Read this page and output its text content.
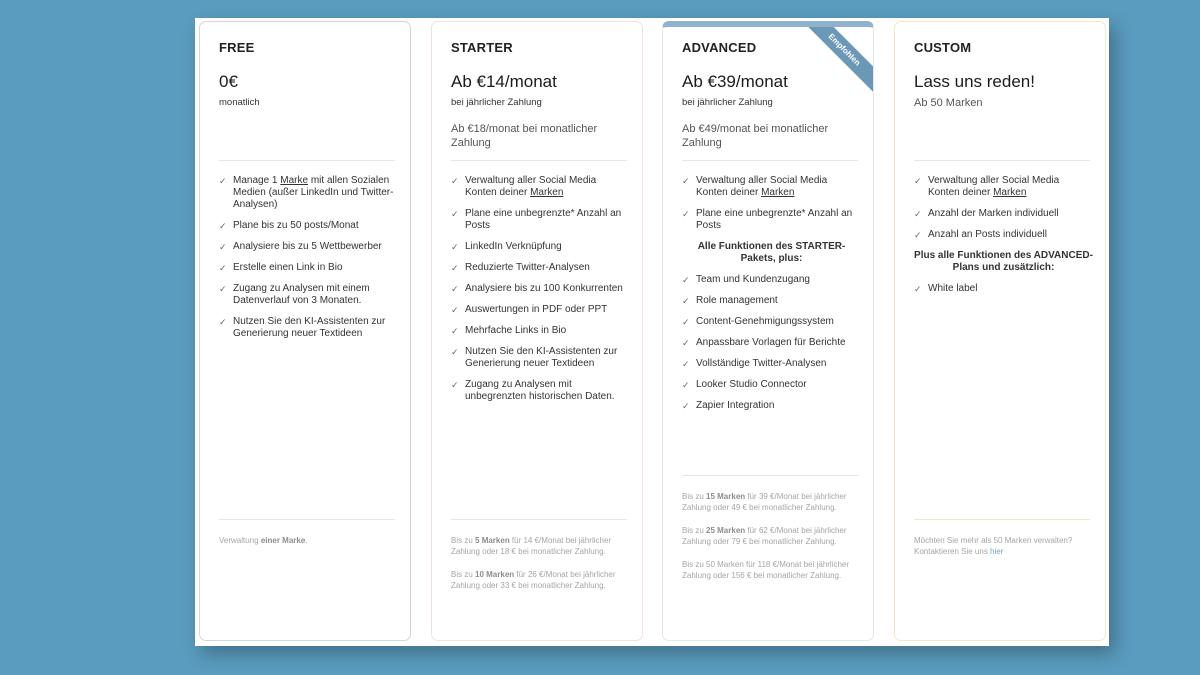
FREE
0€
monatlich
✓ Manage 1 Marke mit allen Sozialen Medien (außer LinkedIn und Twitter-Analysen)
✓ Plane bis zu 50 posts/Monat
✓ Analysiere bis zu 5 Wettbewerber
✓ Erstelle einen Link in Bio
✓ Zugang zu Analysen mit einem Datenverlauf von 3 Monaten.
✓ Nutzen Sie den KI-Assistenten zur Generierung neuer Textideen

Verwaltung einer Marke.

STARTER
Ab €14/monat
bei jährlicher Zahlung
Ab €18/monat bei monatlicher Zahlung
✓ Verwaltung aller Social Media Konten deiner Marken
✓ Plane eine unbegrenzte* Anzahl an Posts
✓ LinkedIn Verknüpfung
✓ Reduzierte Twitter-Analysen
✓ Analysiere bis zu 100 Konkurrenten
✓ Auswertungen in PDF oder PPT
✓ Mehrfache Links in Bio
✓ Nutzen Sie den KI-Assistenten zur Generierung neuer Textideen
✓ Zugang zu Analysen mit unbegrenzten historischen Daten.

Bis zu 5 Marken für 14 €/Monat bei jährlicher Zahlung oder 18 € bei monatlicher Zahlung.

Bis zu 10 Marken für 26 €/Monat bei jährlicher Zahlung oder 33 € bei monatlicher Zahlung.

Empfohlen
ADVANCED
Ab €39/monat
bei jährlicher Zahlung
Ab €49/monat bei monatlicher Zahlung
✓ Verwaltung aller Social Media Konten deiner Marken
✓ Plane eine unbegrenzte* Anzahl an Posts
Alle Funktionen des STARTER-Pakets, plus:
✓ Team und Kundenzugang
✓ Role management
✓ Content-Genehmigungssystem
✓ Anpassbare Vorlagen für Berichte
✓ Vollständige Twitter-Analysen
✓ Looker Studio Connector
✓ Zapier Integration

Bis zu 15 Marken für 39 €/Monat bei jährlicher Zahlung oder 49 € bei monatlicher Zahlung.

Bis zu 25 Marken für 62 €/Monat bei jährlicher Zahlung oder 79 € bei monatlicher Zahlung.

Bis zu 50 Marken für 118 €/Monat bei jährlicher Zahlung oder 156 € bei monatlicher Zahlung.

CUSTOM
Lass uns reden!
Ab 50 Marken
✓ Verwaltung aller Social Media Konten deiner Marken
✓ Anzahl der Marken individuell
✓ Anzahl an Posts individuell
Plus alle Funktionen des ADVANCED-Plans und zusätzlich:
✓ White label

Möchten Sie mehr als 50 Marken verwalten? Kontaktieren Sie uns hier
